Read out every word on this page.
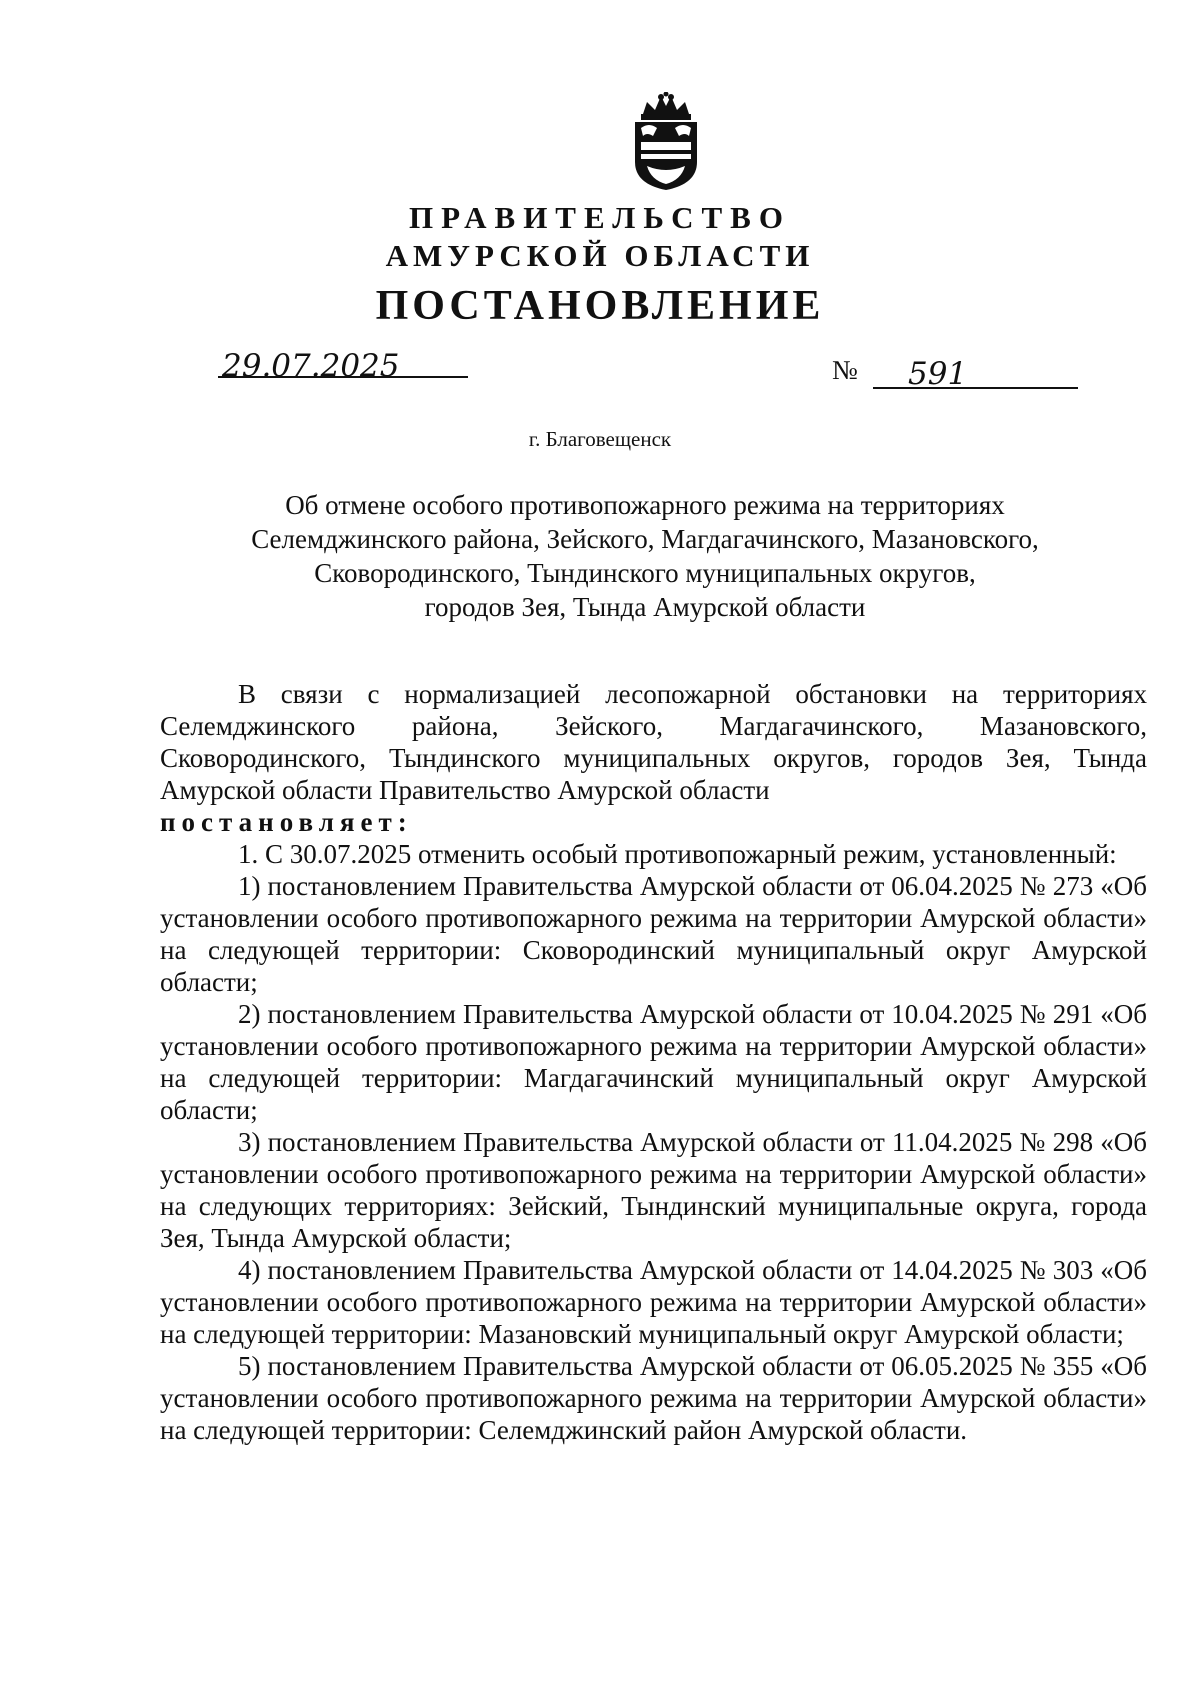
ПРАВИТЕЛЬСТВО
АМУРСКОЙ ОБЛАСТИ
ПОСТАНОВЛЕНИЕ
29.07.2025	№ 591
г. Благовещенск
Об отмене особого противопожарного режима на территориях
Селемджинского района, Зейского, Магдагачинского, Мазановского,
Сковородинского, Тындинского муниципальных округов,
городов Зея, Тында Амурской области

В связи с нормализацией лесопожарной обстановки на территориях Селемджинского района, Зейского, Магдагачинского, Мазановского, Сковородинского, Тындинского муниципальных округов, городов Зея, Тында Амурской области Правительство Амурской области

постановляет:

1. С 30.07.2025 отменить особый противопожарный режим, установленный:

1) постановлением Правительства Амурской области от 06.04.2025 № 273 «Об установлении особого противопожарного режима на территории Амурской области» на следующей территории: Сковородинский муниципальный округ Амурской области;

2) постановлением Правительства Амурской области от 10.04.2025 № 291 «Об установлении особого противопожарного режима на территории Амурской области» на следующей территории: Магдагачинский муниципальный округ Амурской области;

3) постановлением Правительства Амурской области от 11.04.2025 № 298 «Об установлении особого противопожарного режима на территории Амурской области» на следующих территориях: Зейский, Тындинский муниципальные округа, города Зея, Тында Амурской области;

4) постановлением Правительства Амурской области от 14.04.2025 № 303 «Об установлении особого противопожарного режима на территории Амурской области» на следующей территории: Мазановский муниципальный округ Амурской области;

5) постановлением Правительства Амурской области от 06.05.2025 № 355 «Об установлении особого противопожарного режима на территории Амурской области» на следующей территории: Селемджинский район Амурской области.
